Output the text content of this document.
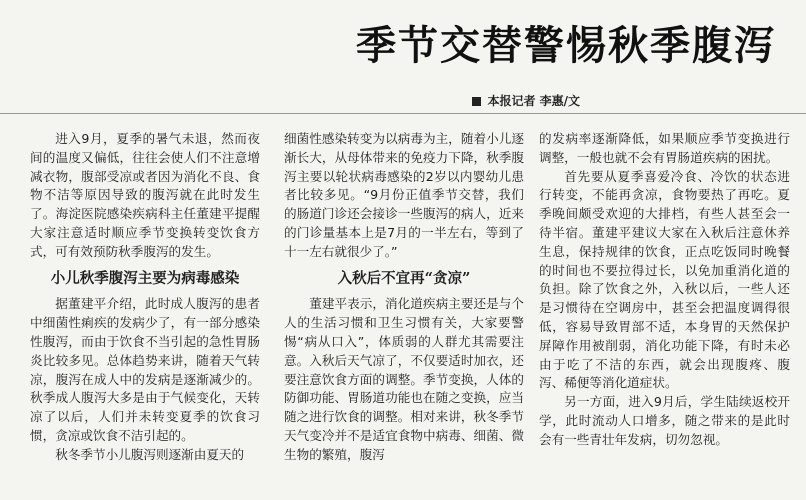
季节交替警惕秋季腹泻
本报记者 李惠/文

进入9月，夏季的暑气未退，然而夜间的温度又偏低，往往会使人们不注意增减衣物，腹部受凉或者因为消化不良、食物不洁等原因导致的腹泻就在此时发生了。海淀医院感染疾病科主任董建平提醒大家注意适时顺应季节变换转变饮食方式，可有效预防秋季腹泻的发生。

小儿秋季腹泻主要为病毒感染

据董建平介绍，此时成人腹泻的患者中细菌性痢疾的发病少了，有一部分感染性腹泻，而由于饮食不当引起的急性胃肠炎比较多见。总体趋势来讲，随着天气转凉，腹泻在成人中的发病是逐渐减少的。秋季成人腹泻大多是由于气候变化，天转凉了以后，人们并未转变夏季的饮食习惯，贪凉或饮食不洁引起的。

秋冬季节小儿腹泻则逐渐由夏天的

细菌性感染转变为以病毒为主，随着小儿逐渐长大，从母体带来的免疫力下降，秋季腹泻主要以轮状病毒感染的2岁以内婴幼儿患者比较多见。“9月份正值季节交替，我们的肠道门诊还会接诊一些腹泻的病人，近来的门诊量基本上是7月的一半左右，等到了十一左右就很少了。”

入秋后不宜再“贪凉”

董建平表示，消化道疾病主要还是与个人的生活习惯和卫生习惯有关，大家要警惕“病从口入”，体质弱的人群尤其需要注意。入秋后天气凉了，不仅要适时加衣，还要注意饮食方面的调整。季节变换，人体的防御功能、胃肠道功能也在随之变换，应当随之进行饮食的调整。相对来讲，秋冬季节天气变冷并不是适宜食物中病毒、细菌、微生物的繁殖，腹泻

的发病率逐渐降低，如果顺应季节变换进行调整，一般也就不会有胃肠道疾病的困扰。

首先要从夏季喜爱冷食、冷饮的状态进行转变，不能再贪凉，食物要热了再吃。夏季晚间颇受欢迎的大排档，有些人甚至会一待半宿。董建平建议大家在入秋后注意休养生息，保持规律的饮食，正点吃饭同时晚餐的时间也不要拉得过长，以免加重消化道的负担。除了饮食之外，入秋以后，一些人还是习惯待在空调房中，甚至会把温度调得很低，容易导致胃部不适，本身胃的天然保护屏障作用被削弱，消化功能下降，有时未必由于吃了不洁的东西，就会出现腹疼、腹泻、稀便等消化道症状。

另一方面，进入9月后，学生陆续返校开学，此时流动人口增多，随之带来的是此时会有一些青壮年发病，切勿忽视。
